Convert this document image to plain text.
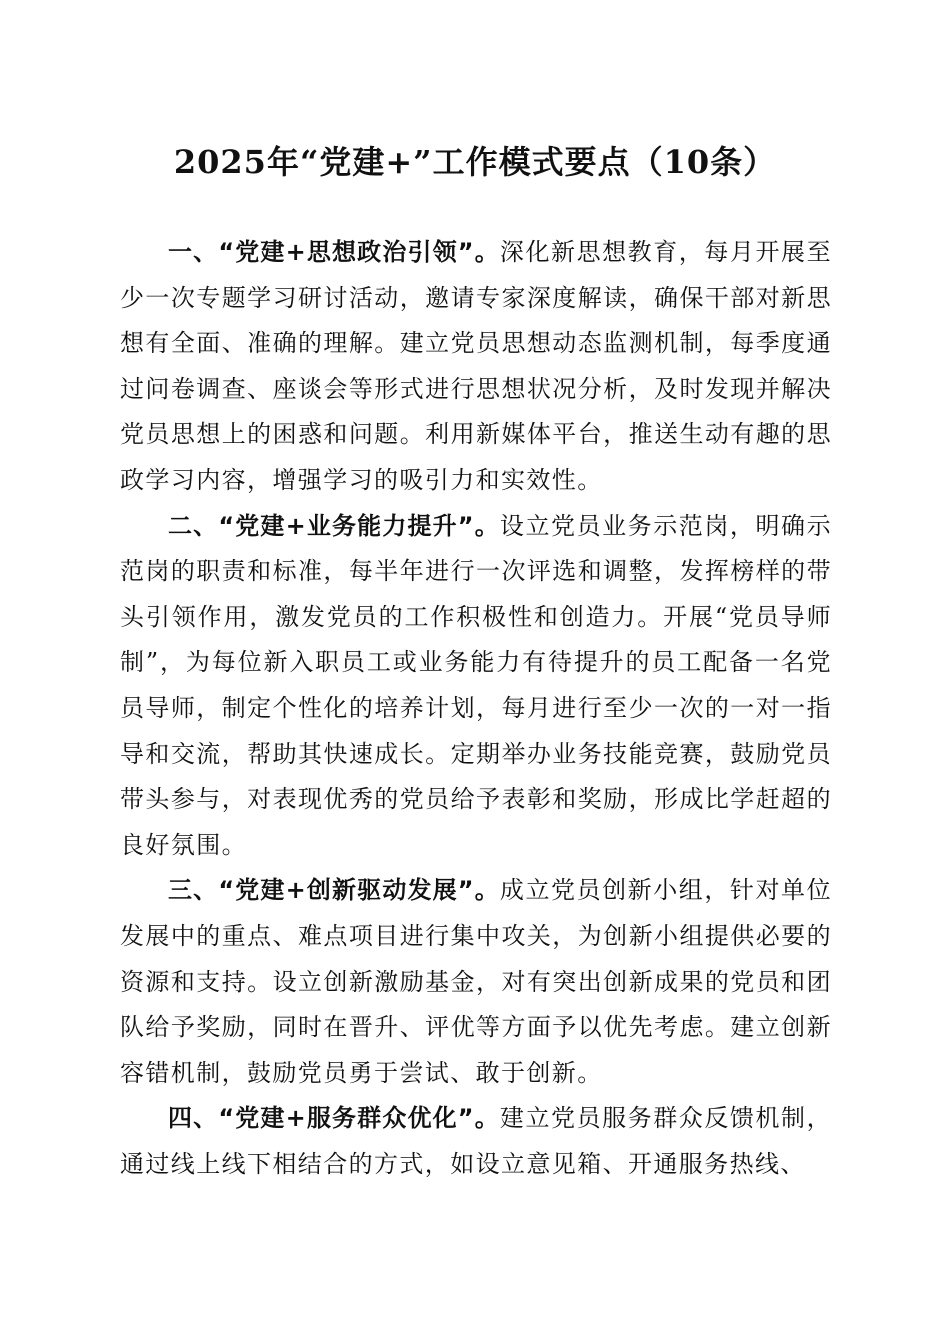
2025年“党建+”工作模式要点（10条）

一、“党建+思想政治引领”。深化新思想教育，每月开展至少一次专题学习研讨活动，邀请专家深度解读，确保干部对新思想有全面、准确的理解。建立党员思想动态监测机制，每季度通过问卷调查、座谈会等形式进行思想状况分析，及时发现并解决党员思想上的困惑和问题。利用新媒体平台，推送生动有趣的思政学习内容，增强学习的吸引力和实效性。

二、“党建+业务能力提升”。设立党员业务示范岗，明确示范岗的职责和标准，每半年进行一次评选和调整，发挥榜样的带头引领作用，激发党员的工作积极性和创造力。开展“党员导师制”，为每位新入职员工或业务能力有待提升的员工配备一名党员导师，制定个性化的培养计划，每月进行至少一次的一对一指导和交流，帮助其快速成长。定期举办业务技能竞赛，鼓励党员带头参与，对表现优秀的党员给予表彰和奖励，形成比学赶超的良好氛围。

三、“党建+创新驱动发展”。成立党员创新小组，针对单位发展中的重点、难点项目进行集中攻关，为创新小组提供必要的资源和支持。设立创新激励基金，对有突出创新成果的党员和团队给予奖励，同时在晋升、评优等方面予以优先考虑。建立创新容错机制，鼓励党员勇于尝试、敢于创新。

四、“党建+服务群众优化”。建立党员服务群众反馈机制，通过线上线下相结合的方式，如设立意见箱、开通服务热线、
